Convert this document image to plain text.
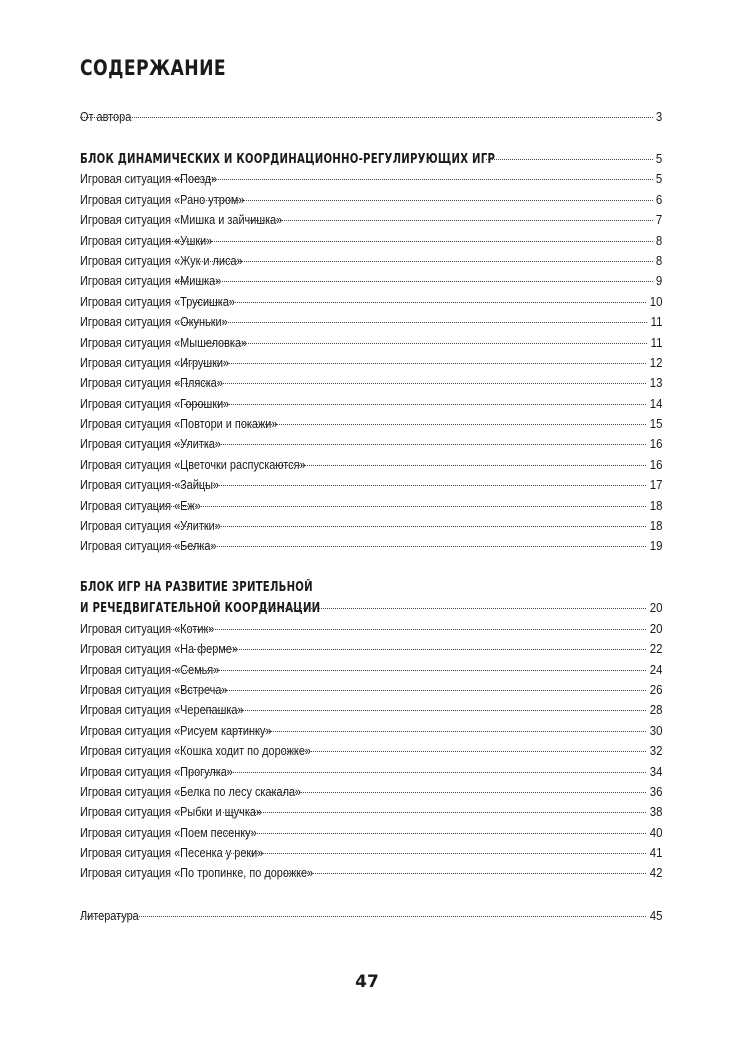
СОДЕРЖАНИЕ
От автора	3
БЛОК ДИНАМИЧЕСКИХ И КООРДИНАЦИОННО-РЕГУЛИРУЮЩИХ ИГР	5
Игровая ситуация «Поезд»	5
Игровая ситуация «Рано утром»	6
Игровая ситуация «Мишка и зайчишка»	7
Игровая ситуация «Ушки»	8
Игровая ситуация «Жук и лиса»	8
Игровая ситуация «Мишка»	9
Игровая ситуация «Трусишка»	10
Игровая ситуация «Окуньки»	11
Игровая ситуация «Мышеловка»	11
Игровая ситуация «Игрушки»	12
Игровая ситуация «Пляска»	13
Игровая ситуация «Горошки»	14
Игровая ситуация «Повтори и покажи»	15
Игровая ситуация «Улитка»	16
Игровая ситуация «Цветочки распускаются»	16
Игровая ситуация «Зайцы»	17
Игровая ситуация «Еж»	18
Игровая ситуация «Улитки»	18
Игровая ситуация «Белка»	19
БЛОК ИГР НА РАЗВИТИЕ ЗРИТЕЛЬНОЙ
И РЕЧЕДВИГАТЕЛЬНОЙ КООРДИНАЦИИ	20
Игровая ситуация «Котик»	20
Игровая ситуация «На ферме»	22
Игровая ситуация «Семья»	24
Игровая ситуация «Встреча»	26
Игровая ситуация «Черепашка»	28
Игровая ситуация «Рисуем картинку»	30
Игровая ситуация «Кошка ходит по дорожке»	32
Игровая ситуация «Прогулка»	34
Игровая ситуация «Белка по лесу скакала»	36
Игровая ситуация «Рыбки и щучка»	38
Игровая ситуация «Поем песенку»	40
Игровая ситуация «Песенка у реки»	41
Игровая ситуация «По тропинке, по дорожке»	42
Литература	45
47
